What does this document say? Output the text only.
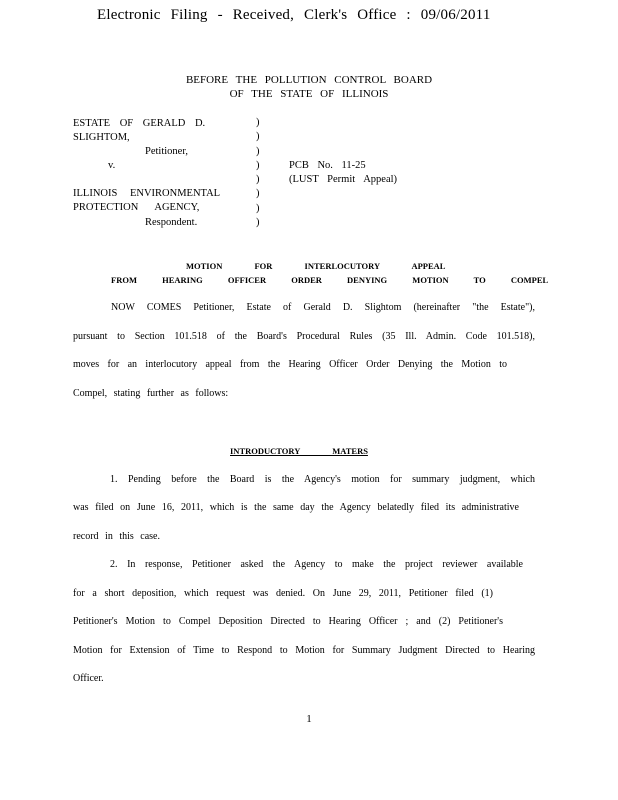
Electronic Filing - Received, Clerk's Office : 09/06/2011
BEFORE THE POLLUTION CONTROL BOARD
OF THE STATE OF ILLINOIS
ESTATE OF GERALD D.
SLIGHTOM,
Petitioner,
v.
ILLINOIS ENVIRONMENTAL
PROTECTION AGENCY,
Respondent.
)
)
)
)
)
)
)
)
PCB No. 11-25
(LUST Permit Appeal)
MOTION FOR INTERLOCUTORY APPEAL
FROM HEARING OFFICER ORDER DENYING MOTION TO COMPEL
NOW COMES Petitioner, Estate of Gerald D. Slightom (hereinafter "the Estate"),
pursuant to Section 101.518 of the Board's Procedural Rules (35 Ill. Admin. Code 101.518),
moves for an interlocutory appeal from the Hearing Officer Order Denying the Motion to
Compel, stating further as follows:
INTRODUCTORY MATERS
1. Pending before the Board is the Agency's motion for summary judgment, which
was filed on June 16, 2011, which is the same day the Agency belatedly filed its administrative
record in this case.
2. In response, Petitioner asked the Agency to make the project reviewer available
for a short deposition, which request was denied. On June 29, 2011, Petitioner filed (1)
Petitioner's Motion to Compel Deposition Directed to Hearing Officer ; and (2) Petitioner's
Motion for Extension of Time to Respond to Motion for Summary Judgment Directed to Hearing
Officer.
1
